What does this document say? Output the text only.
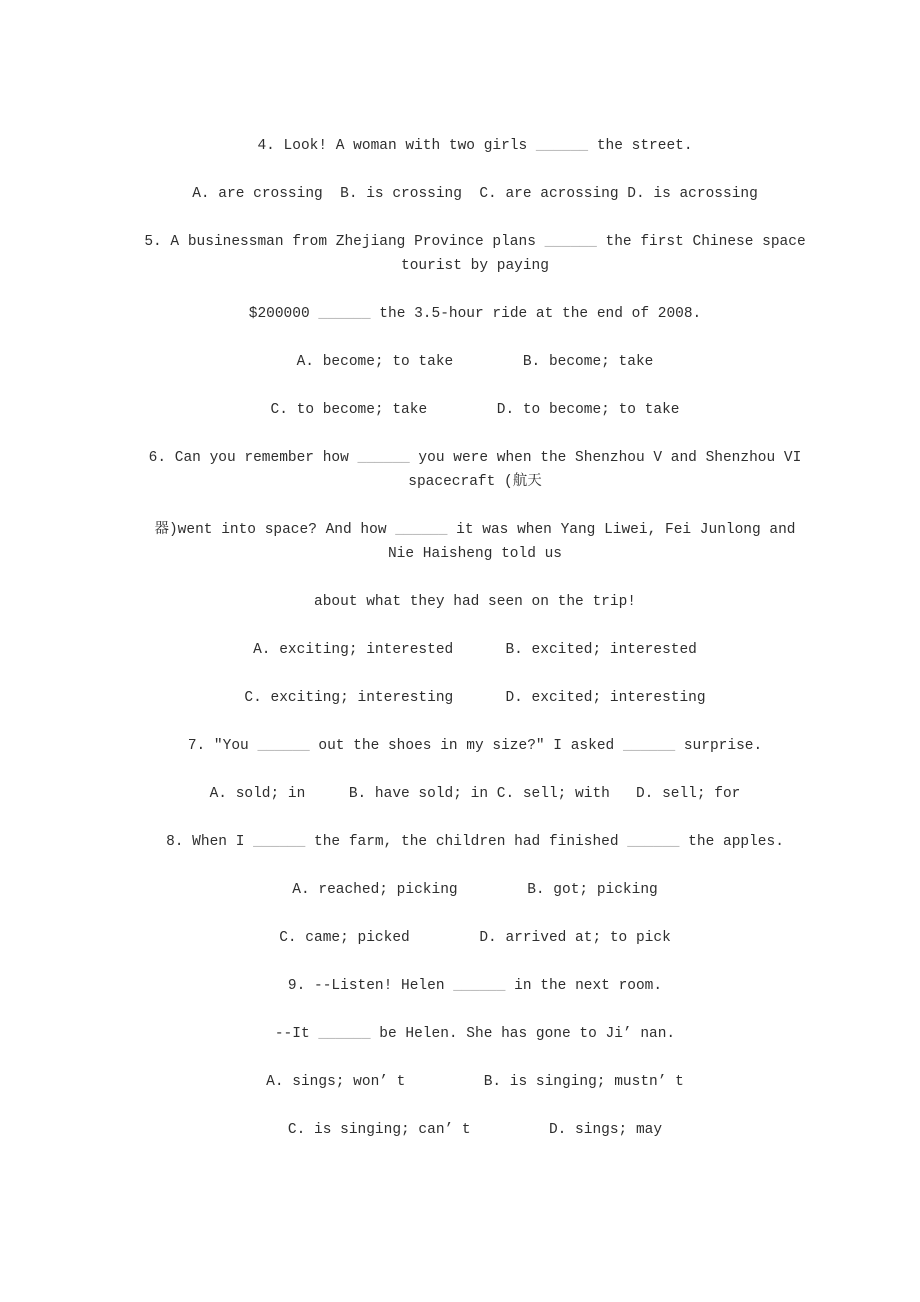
4. Look! A woman with two girls ______ the street.
A. are crossing  B. is crossing  C. are acrossing D. is acrossing
5. A businessman from Zhejiang Province plans ______ the first Chinese space
tourist by paying
$200000 ______ the 3.5-hour ride at the end of 2008.
A. become; to take        B. become; take
C. to become; take        D. to become; to take
6. Can you remember how ______ you were when the Shenzhou V and Shenzhou VI
spacecraft (航天
器)went into space? And how ______ it was when Yang Liwei, Fei Junlong and
Nie Haisheng told us
about what they had seen on the trip!
A. exciting; interested      B. excited; interested
C. exciting; interesting      D. excited; interesting
7. "You ______ out the shoes in my size?" I asked ______ surprise.
A. sold; in     B. have sold; in C. sell; with   D. sell; for
8. When I ______ the farm, the children had finished ______ the apples.
A. reached; picking        B. got; picking
C. came; picked        D. arrived at; to pick
9. --Listen! Helen ______ in the next room.
--It ______ be Helen. She has gone to Ji’ nan.
A. sings; won’ t         B. is singing; mustn’ t
C. is singing; can’ t         D. sings; may
